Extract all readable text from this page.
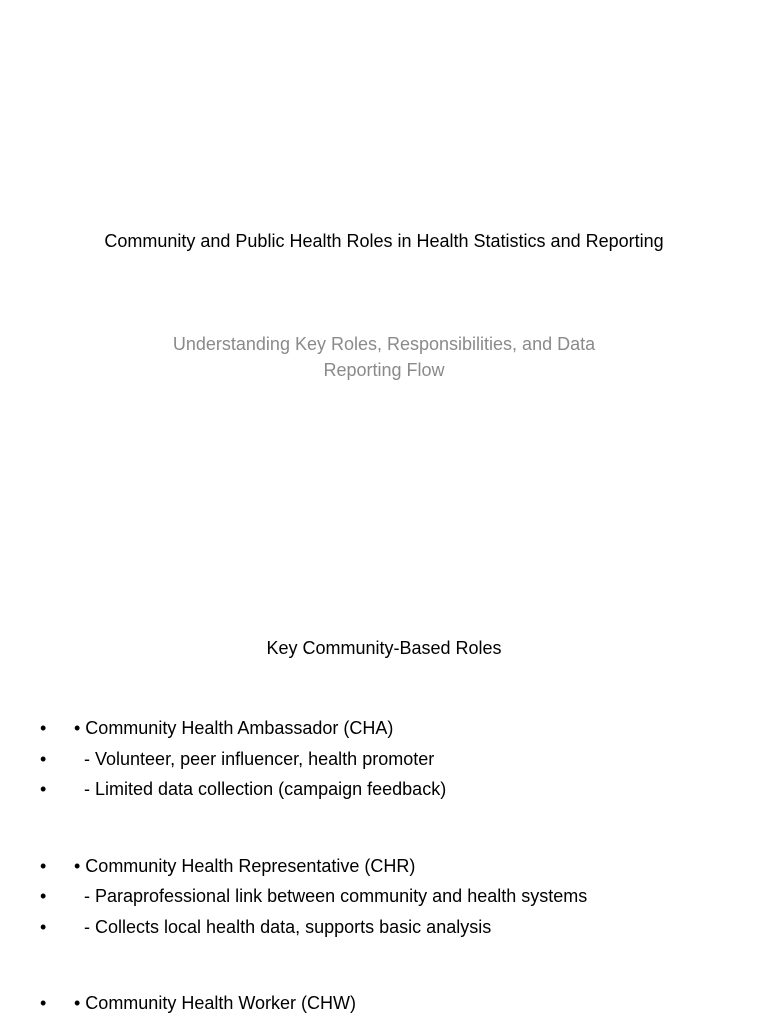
Community and Public Health Roles in Health Statistics and Reporting
Understanding Key Roles, Responsibilities, and Data Reporting Flow
Key Community-Based Roles
•	• Community Health Ambassador (CHA)
•	- Volunteer, peer influencer, health promoter
•	- Limited data collection (campaign feedback)
•	• Community Health Representative (CHR)
•	- Paraprofessional link between community and health systems
•	- Collects local health data, supports basic analysis
•	• Community Health Worker (CHW)
